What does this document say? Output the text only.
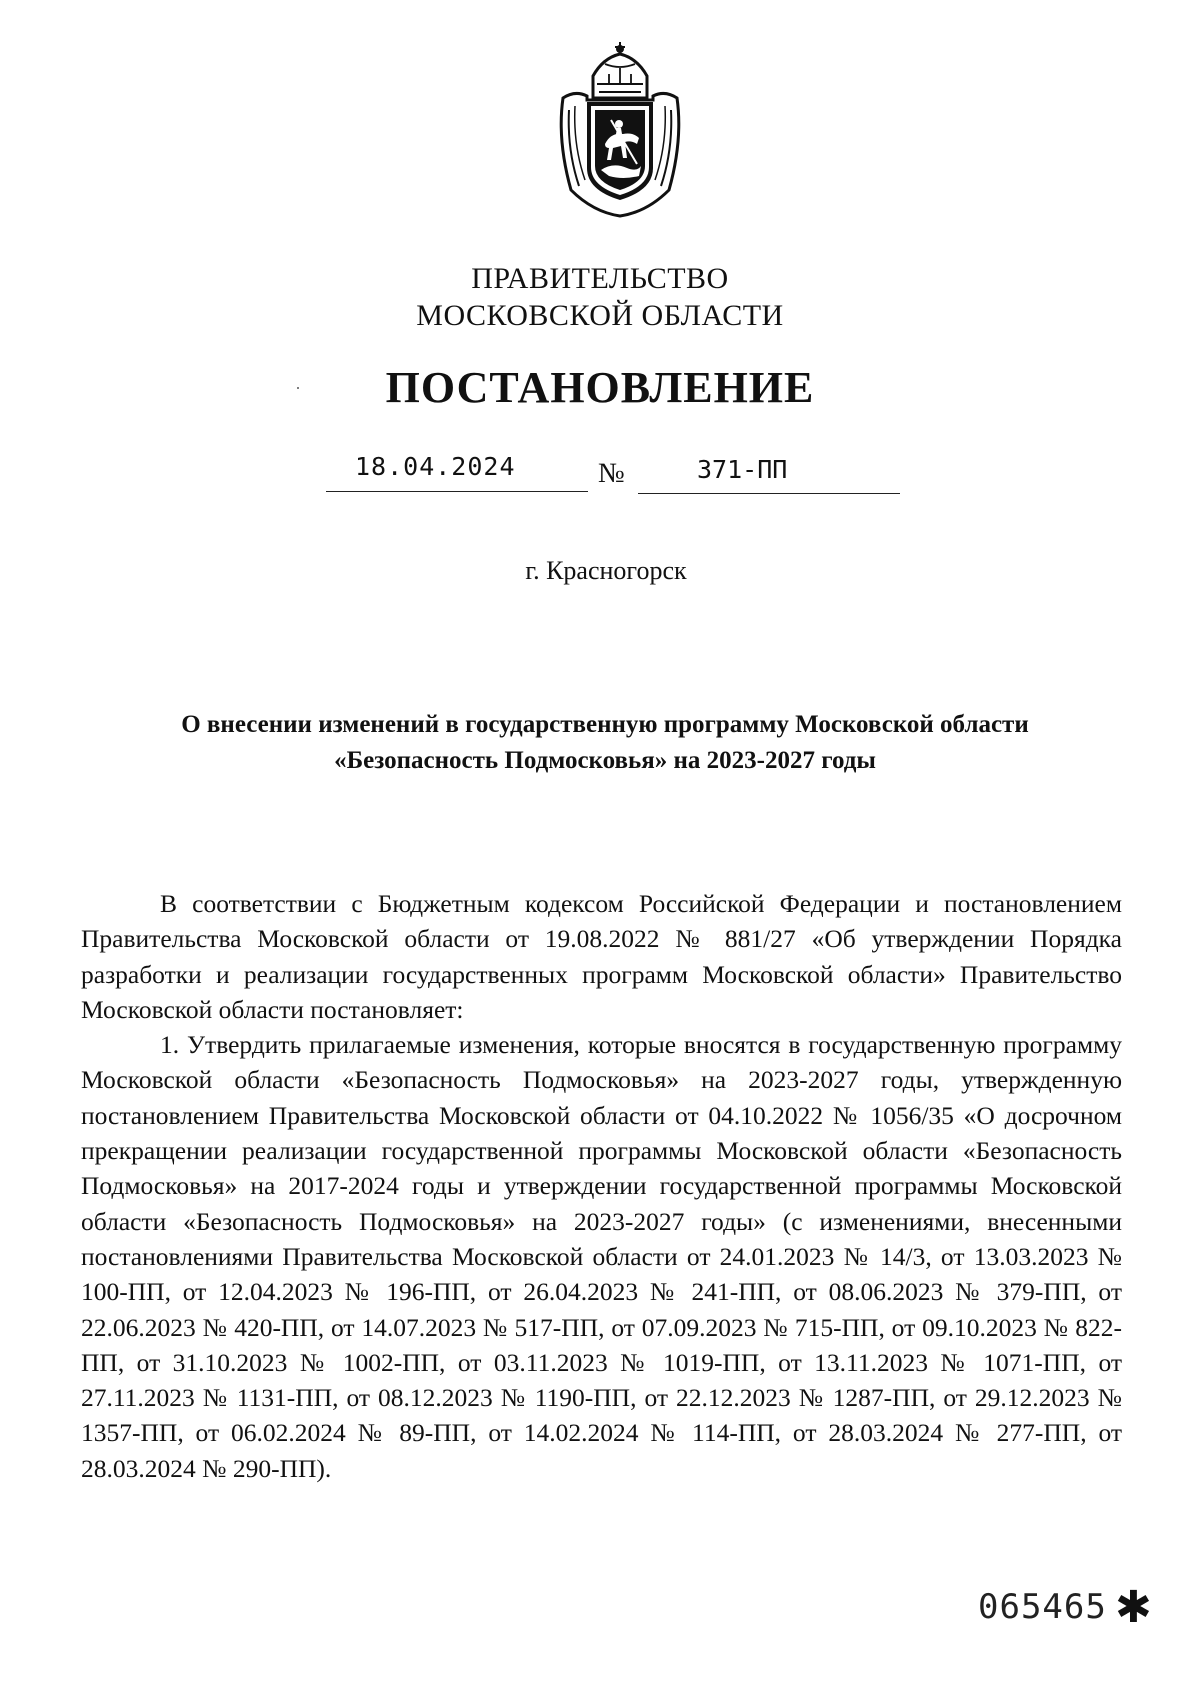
ПРАВИТЕЛЬСТВО
МОСКОВСКОЙ ОБЛАСТИ
ПОСТАНОВЛЕНИЕ
18.04.2024	№	371-ПП
г. Красногорск
О внесении изменений в государственную программу Московской области
«Безопасность Подмосковья» на 2023-2027 годы

В соответствии с Бюджетным кодексом Российской Федерации и постановлением Правительства Московской области от 19.08.2022 № 881/27 «Об утверждении Порядка разработки и реализации государственных программ Московской области» Правительство Московской области постановляет:

1. Утвердить прилагаемые изменения, которые вносятся в государственную программу Московской области «Безопасность Подмосковья» на 2023-2027 годы, утвержденную постановлением Правительства Московской области от 04.10.2022 № 1056/35 «О досрочном прекращении реализации государственной программы Московской области «Безопасность Подмосковья» на 2017-2024 годы и утверждении государственной программы Московской области «Безопасность Подмосковья» на 2023-2027 годы» (с изменениями, внесенными постановлениями Правительства Московской области от 24.01.2023 № 14/3, от 13.03.2023 № 100-ПП, от 12.04.2023 № 196-ПП, от 26.04.2023 № 241-ПП, от 08.06.2023 № 379-ПП, от 22.06.2023 № 420-ПП, от 14.07.2023 № 517-ПП, от 07.09.2023 № 715-ПП, от 09.10.2023 № 822-ПП, от 31.10.2023 № 1002-ПП, от 03.11.2023 № 1019-ПП, от 13.11.2023 № 1071-ПП, от 27.11.2023 № 1131-ПП, от 08.12.2023 № 1190-ПП, от 22.12.2023 № 1287-ПП, от 29.12.2023 № 1357-ПП, от 06.02.2024 № 89-ПП, от 14.02.2024 № 114-ПП, от 28.03.2024 № 277-ПП, от 28.03.2024 № 290-ПП).

065465 ✱
